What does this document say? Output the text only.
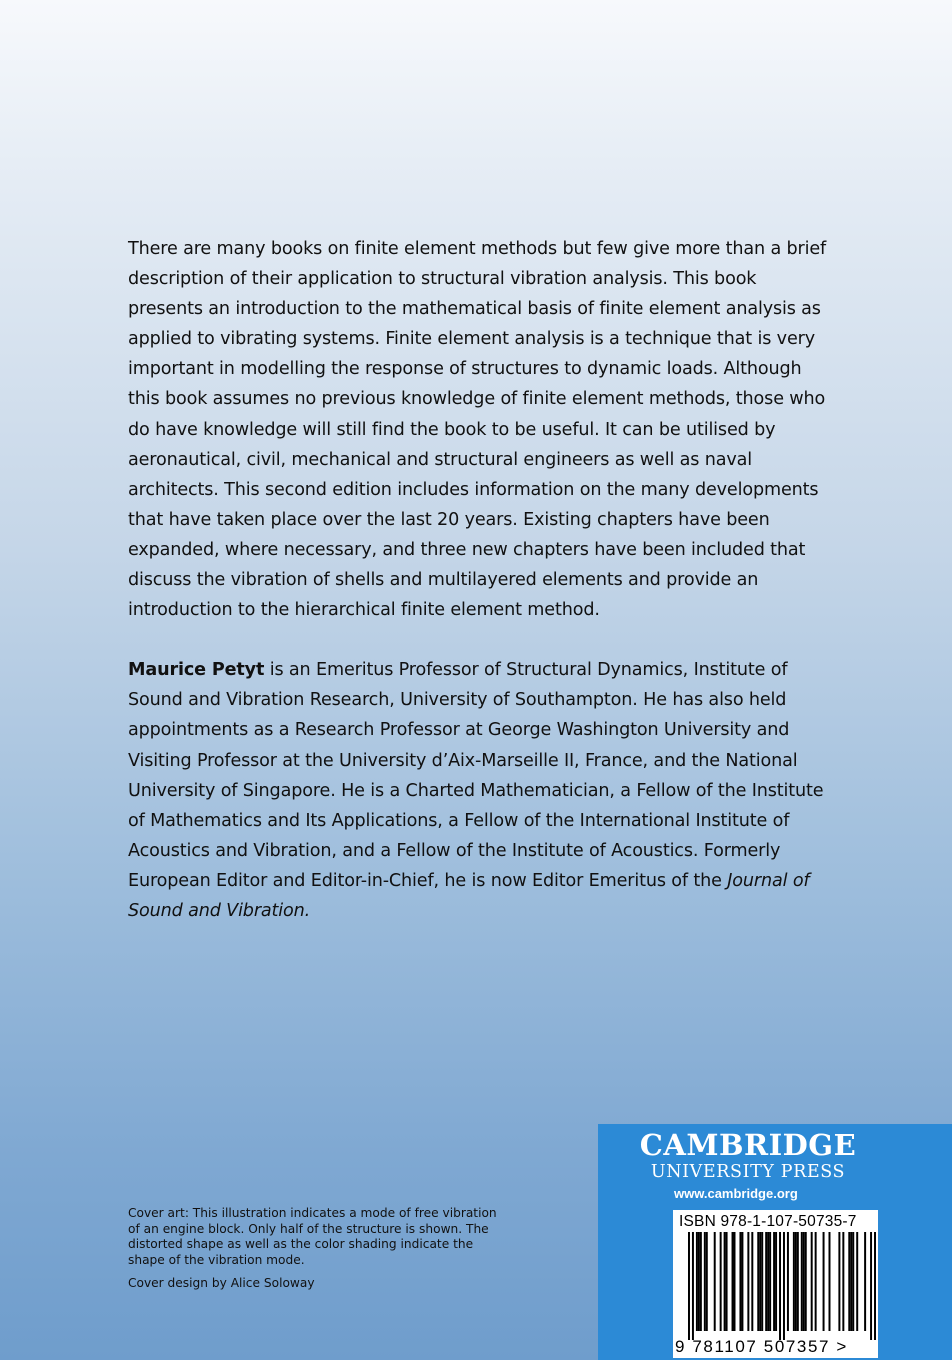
There are many books on finite element methods but few give more than a brief description of their application to structural vibration analysis. This book presents an introduction to the mathematical basis of finite element analysis as applied to vibrating systems. Finite element analysis is a technique that is very important in modelling the response of structures to dynamic loads. Although this book assumes no previous knowledge of finite element methods, those who do have knowledge will still find the book to be useful. It can be utilised by aeronautical, civil, mechanical and structural engineers as well as naval architects. This second edition includes information on the many developments that have taken place over the last 20 years. Existing chapters have been expanded, where necessary, and three new chapters have been included that discuss the vibration of shells and multilayered elements and provide an introduction to the hierarchical finite element method.

Maurice Petyt is an Emeritus Professor of Structural Dynamics, Institute of Sound and Vibration Research, University of Southampton. He has also held appointments as a Research Professor at George Washington University and Visiting Professor at the University d’Aix-Marseille II, France, and the National University of Singapore. He is a Charted Mathematician, a Fellow of the Institute of Mathematics and Its Applications, a Fellow of the International Institute of Acoustics and Vibration, and a Fellow of the Institute of Acoustics. Formerly European Editor and Editor-in-Chief, he is now Editor Emeritus of the Journal of Sound and Vibration.

Cover art: This illustration indicates a mode of free vibration of an engine block. Only half of the structure is shown. The distorted shape as well as the color shading indicate the shape of the vibration mode.

Cover design by Alice Soloway

CAMBRIDGE
UNIVERSITY PRESS
www.cambridge.org
ISBN 978-1-107-50735-7
9 781107 507357 >
